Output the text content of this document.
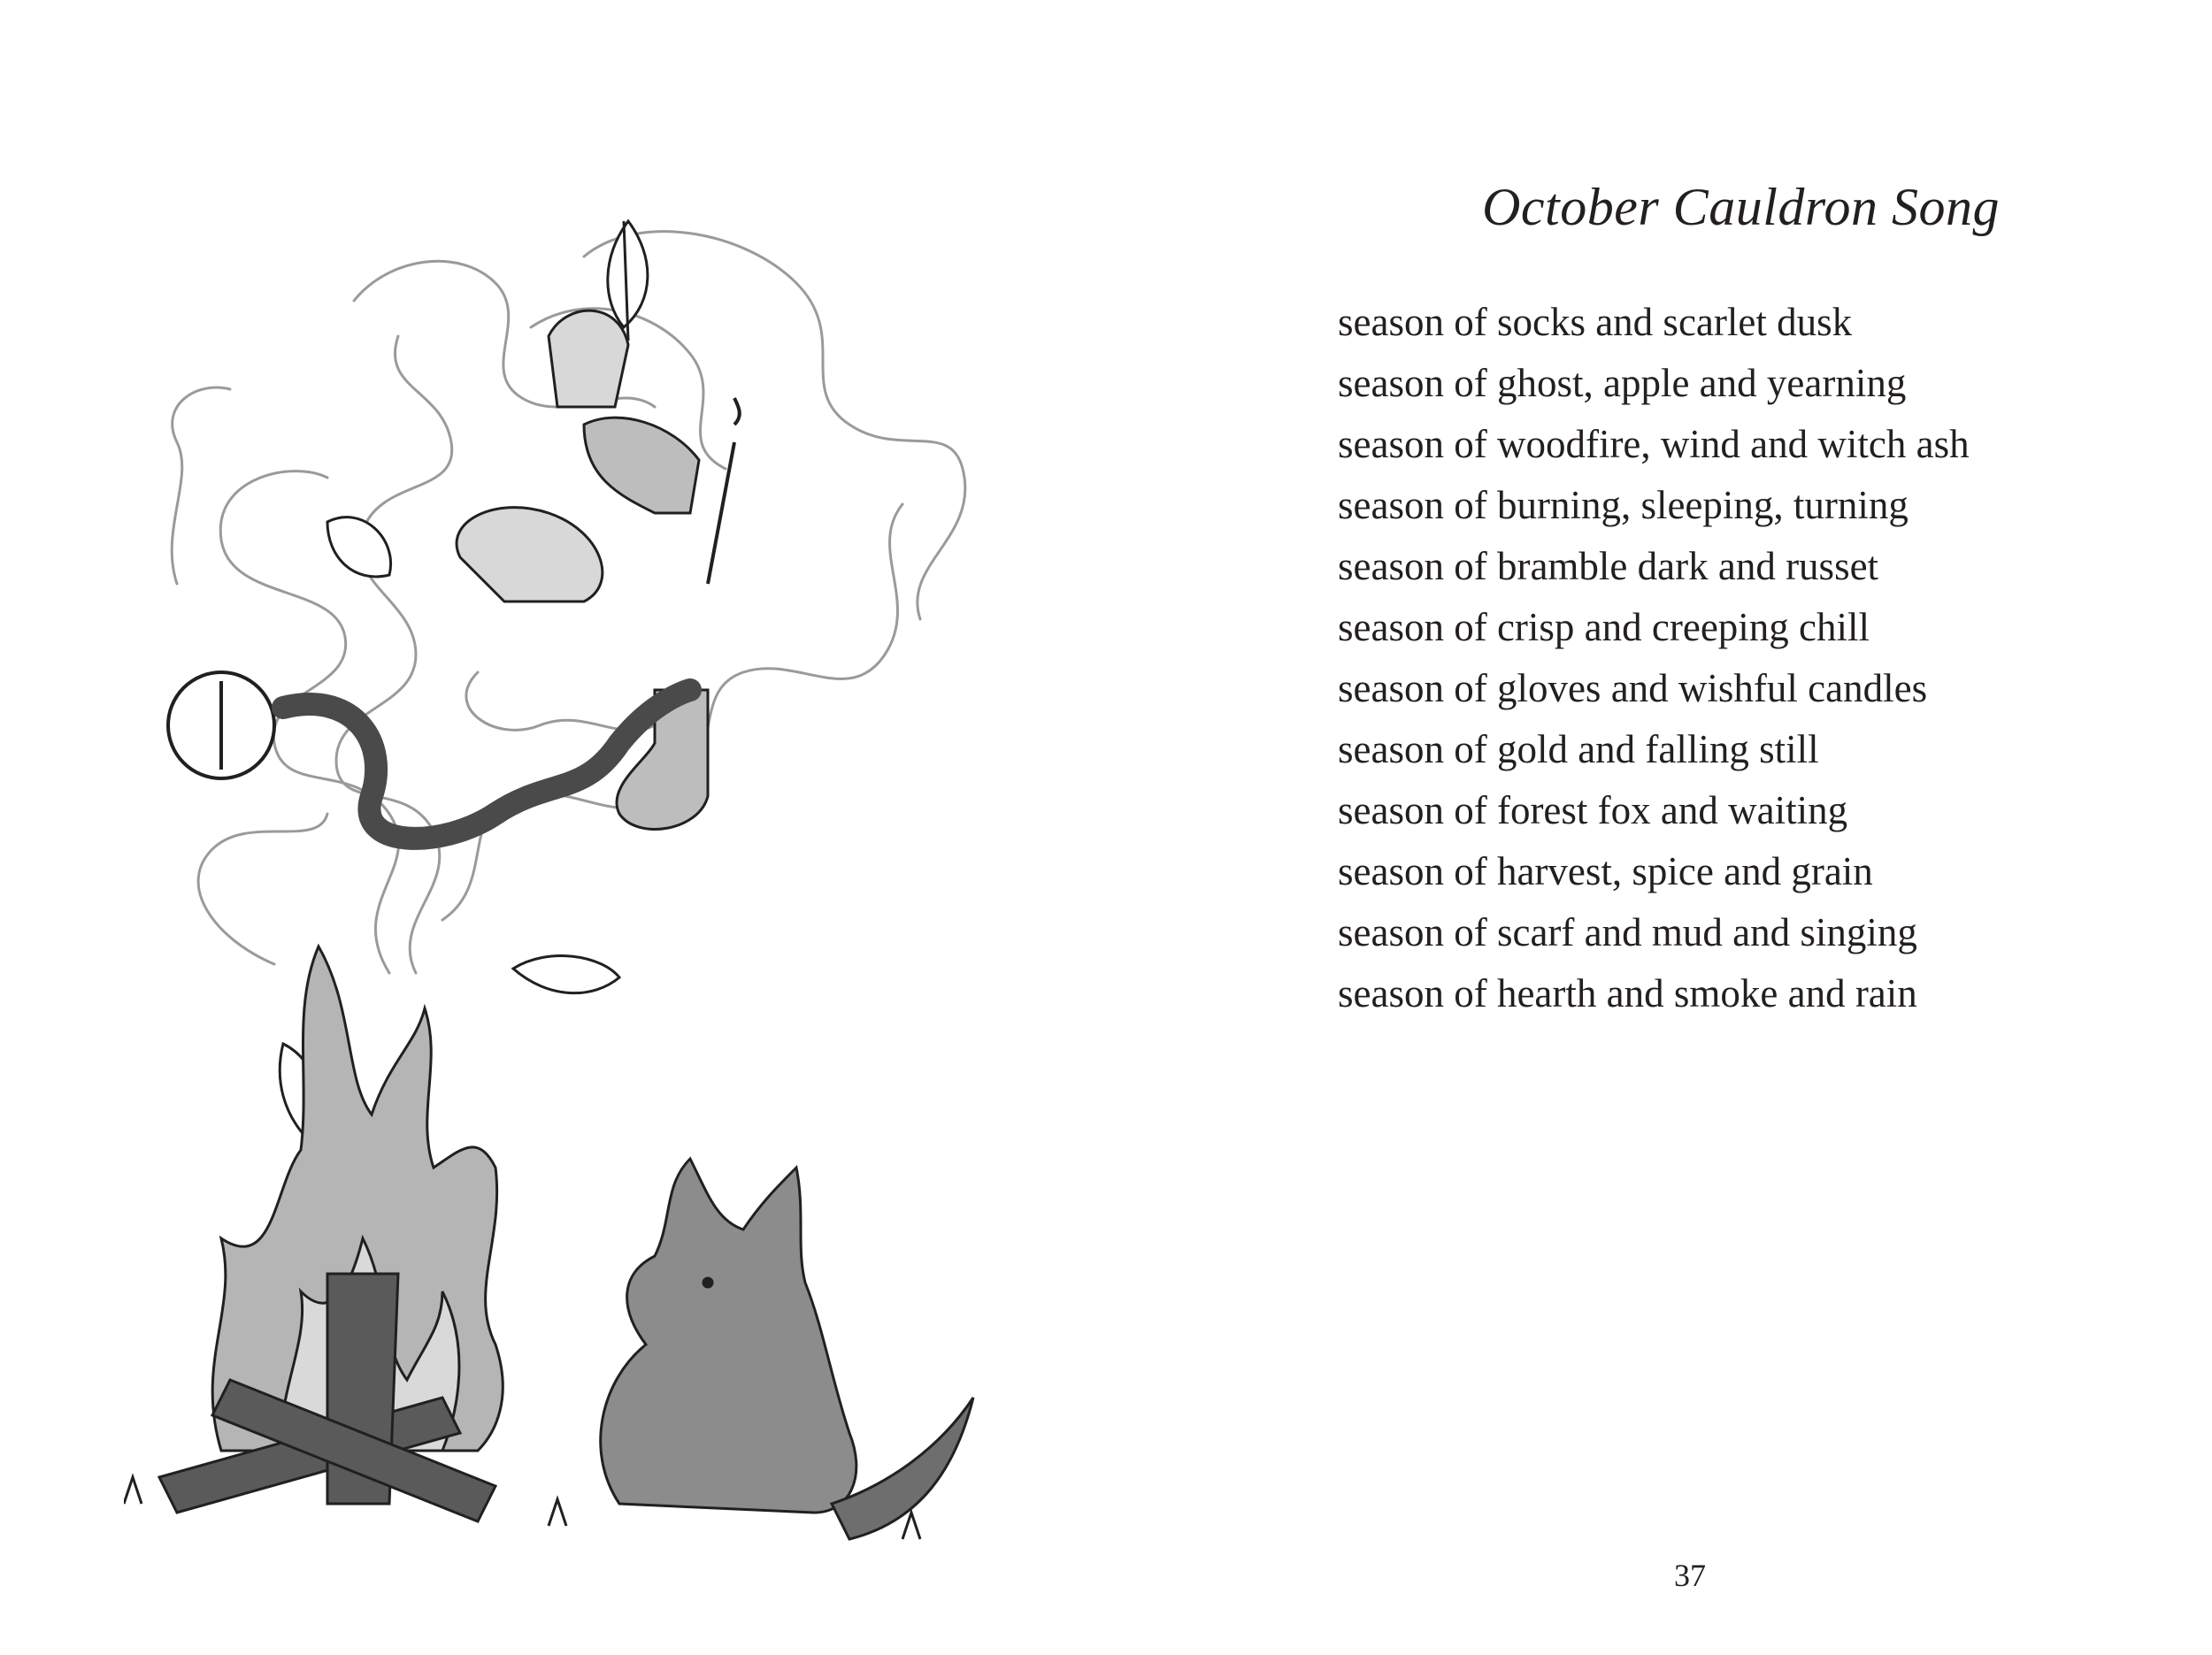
October Cauldron Song
season of socks and scarlet dusk
season of ghost, apple and yearning
season of woodfire, wind and witch ash
season of burning, sleeping, turning
season of bramble dark and russet
season of crisp and creeping chill
season of gloves and wishful candles
season of gold and falling still
season of forest fox and waiting
season of harvest, spice and grain
season of scarf and mud and singing
season of hearth and smoke and rain
37
